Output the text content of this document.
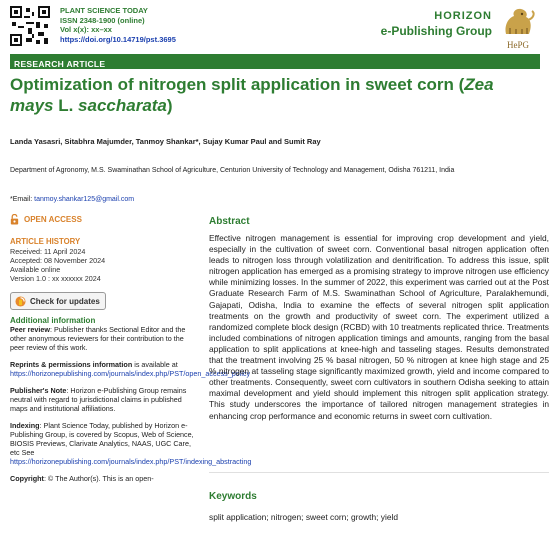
PLANT SCIENCE TODAY
ISSN 2348-1900 (online)
Vol x(x): xx–xx
https://doi.org/10.14719/pst.3695
HORIZON
e-Publishing Group
HePG
RESEARCH ARTICLE
Optimization of nitrogen split application in sweet corn (Zea mays L. saccharata)
Landa Yasasri, Sitabhra Majumder, Tanmoy Shankar*, Sujay Kumar Paul and Sumit Ray
Department of Agronomy, M.S. Swaminathan School of Agriculture, Centurion University of Technology and Management, Odisha 761211, India
*Email: tanmoy.shankar125@gmail.com
OPEN ACCESS
ARTICLE HISTORY
Received: 11 April 2024
Accepted: 08 November 2024
Available online
Version 1.0 : xx xxxxxx 2024
Check for updates
Additional information
Peer review: Publisher thanks Sectional Editor and the other anonymous reviewers for their contribution to the peer review of this work.
Reprints & permissions information is available at https://horizonepublishing.com/journals/index.php/PST/open_access_policy
Publisher's Note: Horizon e-Publishing Group remains neutral with regard to jurisdictional claims in published maps and institutional affiliations.
Indexing: Plant Science Today, published by Horizon e-Publishing Group, is covered by Scopus, Web of Science, BIOSIS Previews, Clarivate Analytics, NAAS, UGC Care, etc See https://horizonepublishing.com/journals/index.php/PST/indexing_abstracting
Copyright: © The Author(s). This is an open-
Abstract

Effective nitrogen management is essential for improving crop development and yield, especially in the cultivation of sweet corn. Conventional basal nitrogen application often leads to nitrogen loss through volatilization and denitrification. To address this issue, split nitrogen application has emerged as a promising strategy to improve nitrogen use efficiency while minimizing losses. In the summer of 2022, this experiment was carried out at the Post Graduate Research Farm of M.S. Swaminathan School of Agriculture, Paralakhemundi, Gajapati, Odisha, India to examine the effects of several nitrogen split application treatments on the growth and productivity of sweet corn. The experiment utilized a randomized complete block design (RCBD) with 10 treatments replicated thrice. Treatments included combinations of nitrogen application timings and amounts, ranging from the basal application to split applications at knee-high and tasseling stages. Results demonstrated that the treatment involving 25 % basal nitrogen, 50 % nitrogen at knee high stage and 25 % nitrogen at tasseling stage significantly maximized growth, yield and income compared to other treatments. Consequently, sweet corn cultivators in southern Odisha seeking to attain maximal development and yield should implement this nitrogen split application strategy. This study underscores the importance of tailored nitrogen management strategies in enhancing crop performance and economic returns in sweet corn cultivation.

Keywords
split application; nitrogen; sweet corn; growth; yield
